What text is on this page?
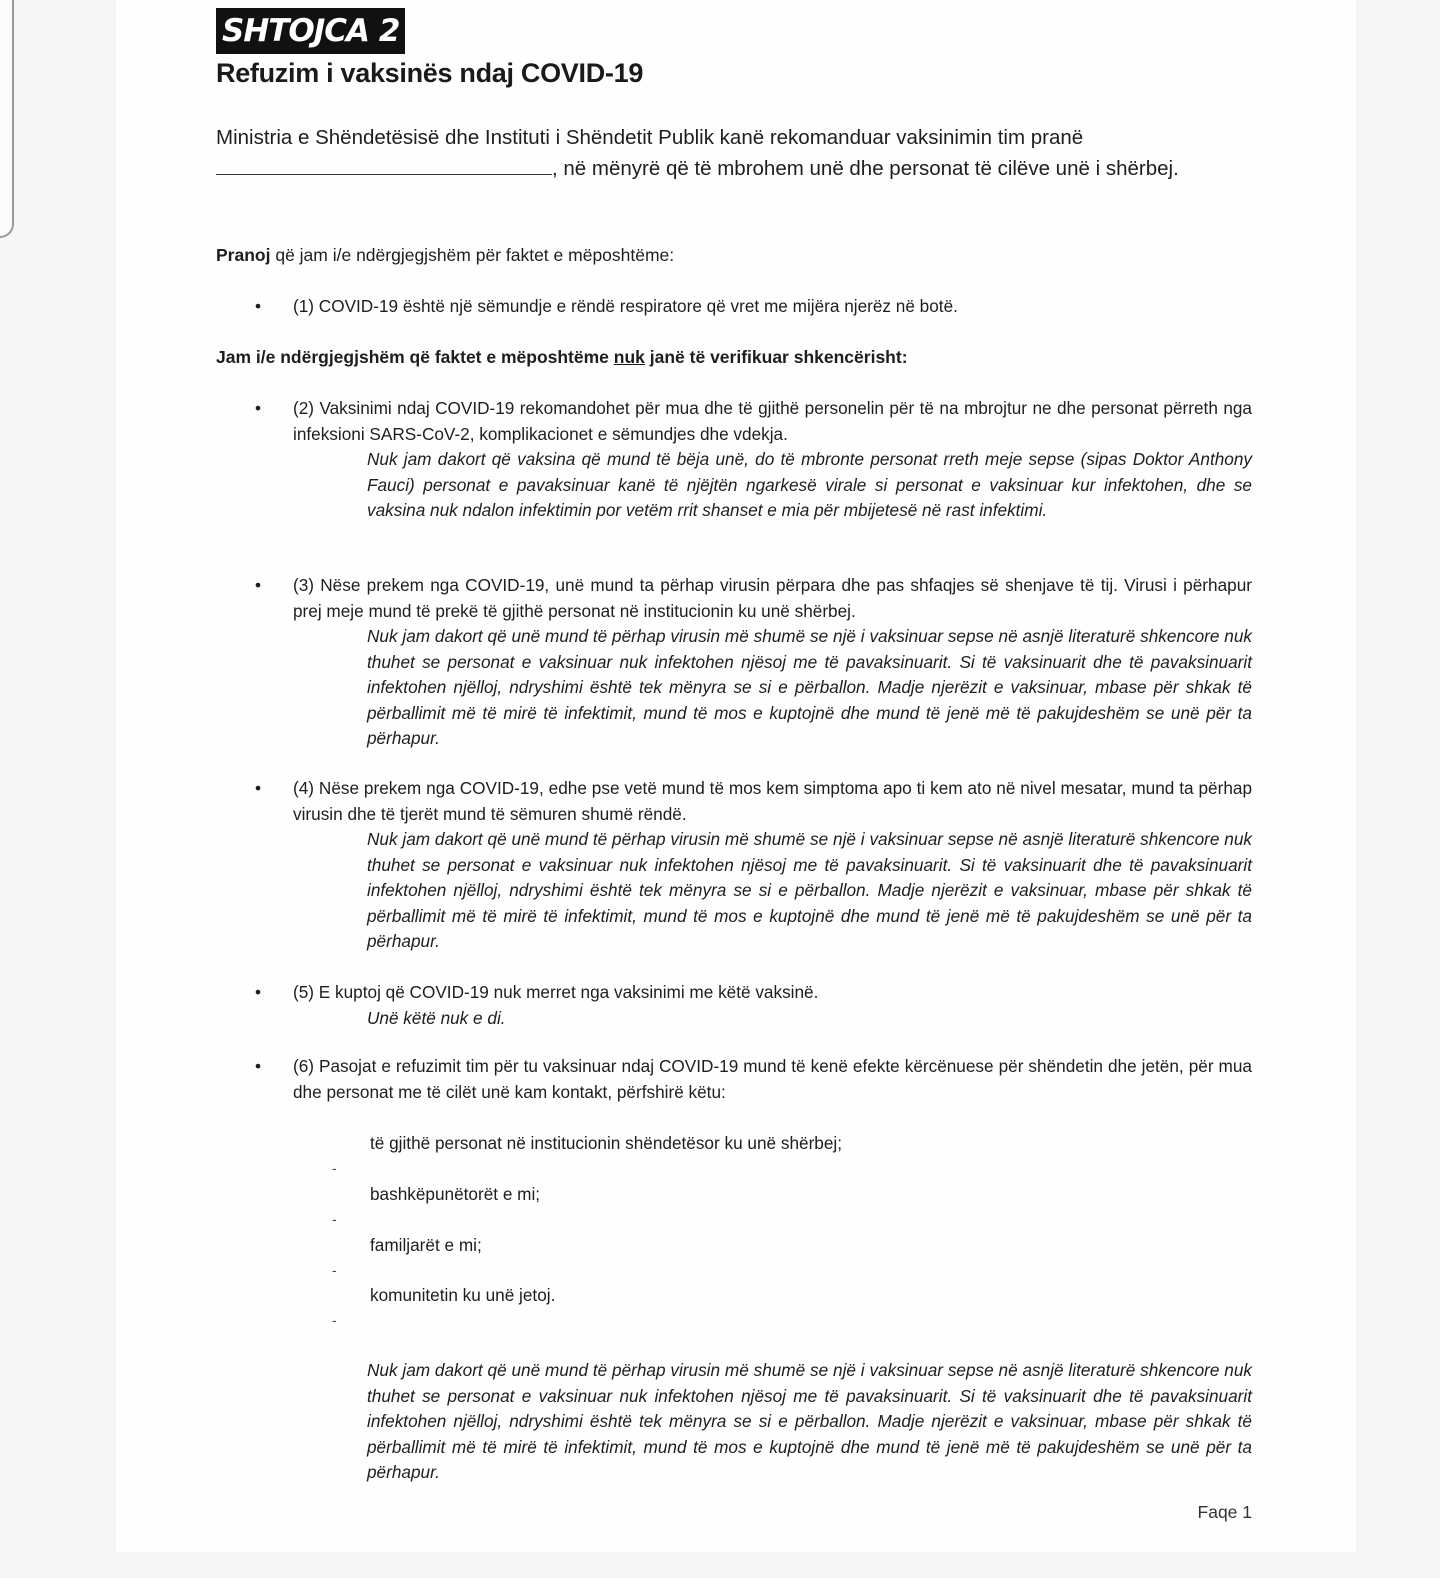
SHTOJCA 2
Refuzim i vaksinës ndaj COVID-19
Ministria e Shëndetësisë dhe Instituti i Shëndetit Publik kanë rekomanduar vaksinimin tim pranë
, në mënyrë që të mbrohem unë dhe personat të cilëve unë i shërbej.
Pranoj që jam i/e ndërgjegjshëm për faktet e mëposhtëme:
•	(1) COVID-19 është një sëmundje e rëndë respiratore që vret me mijëra njerëz në botë.
Jam i/e ndërgjegjshëm që faktet e mëposhtëme nuk janë të verifikuar shkencërisht:
•	(2) Vaksinimi ndaj COVID-19 rekomandohet për mua dhe të gjithë personelin për të na mbrojtur ne dhe personat përreth nga infeksioni SARS-CoV-2, komplikacionet e sëmundjes dhe vdekja.
Nuk jam dakort që vaksina që mund të bëja unë, do të mbronte personat rreth meje sepse (sipas Doktor Anthony Fauci) personat e pavaksinuar kanë të njëjtën ngarkesë virale si personat e vaksinuar kur infektohen, dhe se vaksina nuk ndalon infektimin por vetëm rrit shanset e mia për mbijetesë në rast infektimi.
•	(3) Nëse prekem nga COVID-19, unë mund ta përhap virusin përpara dhe pas shfaqjes së shenjave të tij. Virusi i përhapur prej meje mund të prekë të gjithë personat në institucionin ku unë shërbej.
Nuk jam dakort që unë mund të përhap virusin më shumë se një i vaksinuar sepse në asnjë literaturë shkencore nuk thuhet se personat e vaksinuar nuk infektohen njësoj me të pavaksinuarit. Si të vaksinuarit dhe të pavaksinuarit infektohen njëlloj, ndryshimi është tek mënyra se si e përballon. Madje njerëzit e vaksinuar, mbase për shkak të përballimit më të mirë të infektimit, mund të mos e kuptojnë dhe mund të jenë më të pakujdeshëm se unë për ta përhapur.
•	(4) Nëse prekem nga COVID-19, edhe pse vetë mund të mos kem simptoma apo ti kem ato në nivel mesatar, mund ta përhap virusin dhe të tjerët mund të sëmuren shumë rëndë.
Nuk jam dakort që unë mund të përhap virusin më shumë se një i vaksinuar sepse në asnjë literaturë shkencore nuk thuhet se personat e vaksinuar nuk infektohen njësoj me të pavaksinuarit. Si të vaksinuarit dhe të pavaksinuarit infektohen njëlloj, ndryshimi është tek mënyra se si e përballon. Madje njerëzit e vaksinuar, mbase për shkak të përballimit më të mirë të infektimit, mund të mos e kuptojnë dhe mund të jenë më të pakujdeshëm se unë për ta përhapur.
•	(5) E kuptoj që COVID-19 nuk merret nga vaksinimi me këtë vaksinë.
Unë këtë nuk e di.
•	(6) Pasojat e refuzimit tim për tu vaksinuar ndaj COVID-19 mund të kenë efekte kërcënuese për shëndetin dhe jetën, për mua dhe personat me të cilët unë kam kontakt, përfshirë këtu:
të gjithë personat në institucionin shëndetësor ku unë shërbej;
-
bashkëpunëtorët e mi;
-
familjarët e mi;
-
komunitetin ku unë jetoj.
-
Nuk jam dakort që unë mund të përhap virusin më shumë se një i vaksinuar sepse në asnjë literaturë shkencore nuk thuhet se personat e vaksinuar nuk infektohen njësoj me të pavaksinuarit. Si të vaksinuarit dhe të pavaksinuarit infektohen njëlloj, ndryshimi është tek mënyra se si e përballon. Madje njerëzit e vaksinuar, mbase për shkak të përballimit më të mirë të infektimit, mund të mos e kuptojnë dhe mund të jenë më të pakujdeshëm se unë për ta përhapur.
Faqe 1
